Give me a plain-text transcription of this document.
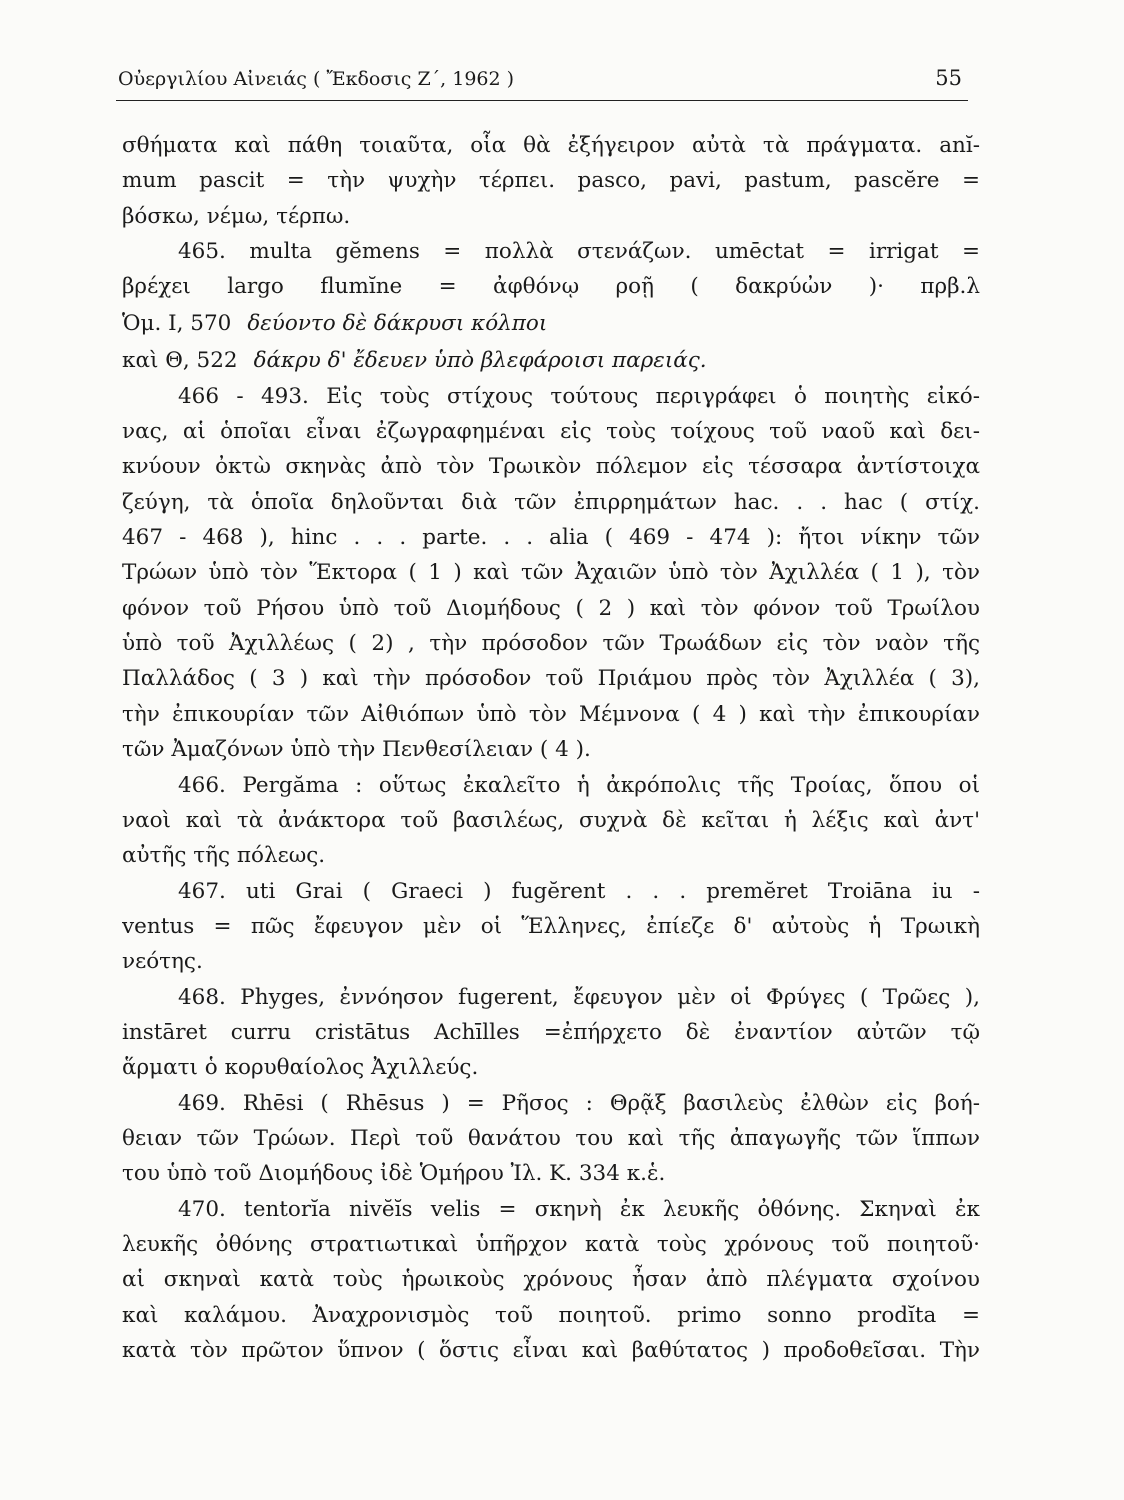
Οὐεργιλίου Αἰνειάς ( Ἔκδοσις Ζ΄, 1962 )	55
σθήματα καὶ πάθη τοιαῦτα, οἷα θὰ ἐξήγειρον αὐτὰ τὰ πράγματα. anĭ-
mum pascit = τὴν ψυχὴν τέρπει. pasco, pavi, pastum, pascĕre =
βόσκω, νέμω, τέρπω.
465. multa gĕmens = πολλὰ στενάζων. umēctat = irrigat =
βρέχει largo flumĭne = ἀφθόνῳ ροῇ ( δακρύὠν )· πρβ.λ
Ὁμ. Ι, 570 δεύοντο δὲ δάκρυσι κόλποι
καὶ Θ, 522 δάκρυ δ' ἔδευεν ὑπὸ βλεφάροισι παρειάς.
466 - 493. Εἰς τοὺς στίχους τούτους περιγράφει ὁ ποιητὴς εἰκό-
νας, αἱ ὁποῖαι εἶναι ἐζωγραφημέναι εἰς τοὺς τοίχους τοῦ ναοῦ καὶ δει-
κνύουν ὀκτὼ σκηνὰς ἀπὸ τὸν Τρωικὸν πόλεμον εἰς τέσσαρα ἀντίστοιχα
ζεύγη, τὰ ὁποῖα δηλοῦνται διὰ τῶν ἐπιρρημάτων hac. . . hac ( στίχ.
467 - 468 ), hinc . . . parte. . . alia ( 469 - 474 ): ἤτοι νίκην τῶν
Τρώων ὑπὸ τὸν Ἕκτορα ( 1 ) καὶ τῶν Ἀχαιῶν ὑπὸ τὸν Ἀχιλλέα ( 1 ), τὸν
φόνον τοῦ Ρήσου ὑπὸ τοῦ Διομήδους ( 2 ) καὶ τὸν φόνον τοῦ Τρωίλου
ὑπὸ τοῦ Ἀχιλλέως ( 2) , τὴν πρόσοδον τῶν Τρωάδων εἰς τὸν ναὸν τῆς
Παλλάδος ( 3 ) καὶ τὴν πρόσοδον τοῦ Πριάμου πρὸς τὸν Ἀχιλλέα ( 3),
τὴν ἐπικουρίαν τῶν Αἰθιόπων ὑπὸ τὸν Μέμνονα ( 4 ) καὶ τὴν ἐπικουρίαν
τῶν Ἀμαζόνων ὑπὸ τὴν Πενθεσίλειαν ( 4 ).
466. Pergăma : οὕτως ἐκαλεῖτο ἡ ἀκρόπολις τῆς Τροίας, ὅπου οἱ
ναοὶ καὶ τὰ ἀνάκτορα τοῦ βασιλέως, συχνὰ δὲ κεῖται ἡ λέξις καὶ ἀντ'
αὐτῆς τῆς πόλεως.
467. uti Grai ( Graeci ) fugĕrent . . . premĕret Troiāna iu -
ventus = πῶς ἔφευγον μὲν οἱ Ἕλληνες, ἐπίεζε δ' αὐτοὺς ἡ Τρωικὴ
νεότης.
468. Phyges, ἐννόησον fugerent, ἔφευγον μὲν οἱ Φρύγες ( Τρῶες ),
instāret curru cristātus Achīlles =ἐπήρχετο δὲ ἐναντίον αὐτῶν τῷ
ἅρματι ὁ κορυθαίολος Ἀχιλλεύς.
469. Rhēsi ( Rhēsus ) = Ρῆσος : Θρᾷξ βασιλεὺς ἐλθὼν εἰς βοή-
θειαν τῶν Τρώων. Περὶ τοῦ θανάτου του καὶ τῆς ἀπαγωγῆς τῶν ἵππων
του ὑπὸ τοῦ Διομήδους ἰδὲ Ὁμήρου Ἰλ. Κ. 334 κ.ἑ.
470. tentorĭa nivĕĭs velis = σκηνὴ ἐκ λευκῆς ὀθόνης. Σκηναὶ ἐκ
λευκῆς ὀθόνης στρατιωτικαὶ ὑπῆρχον κατὰ τοὺς χρόνους τοῦ ποιητοῦ·
αἱ σκηναὶ κατὰ τοὺς ἡρωικοὺς χρόνους ἦσαν ἀπὸ πλέγματα σχοίνου
καὶ καλάμου. Ἀναχρονισμὸς τοῦ ποιητοῦ. primo sonno prodĭta =
κατὰ τὸν πρῶτον ὕπνον ( ὅστις εἶναι καὶ βαθύτατος ) προδοθεῖσαι. Τὴν
